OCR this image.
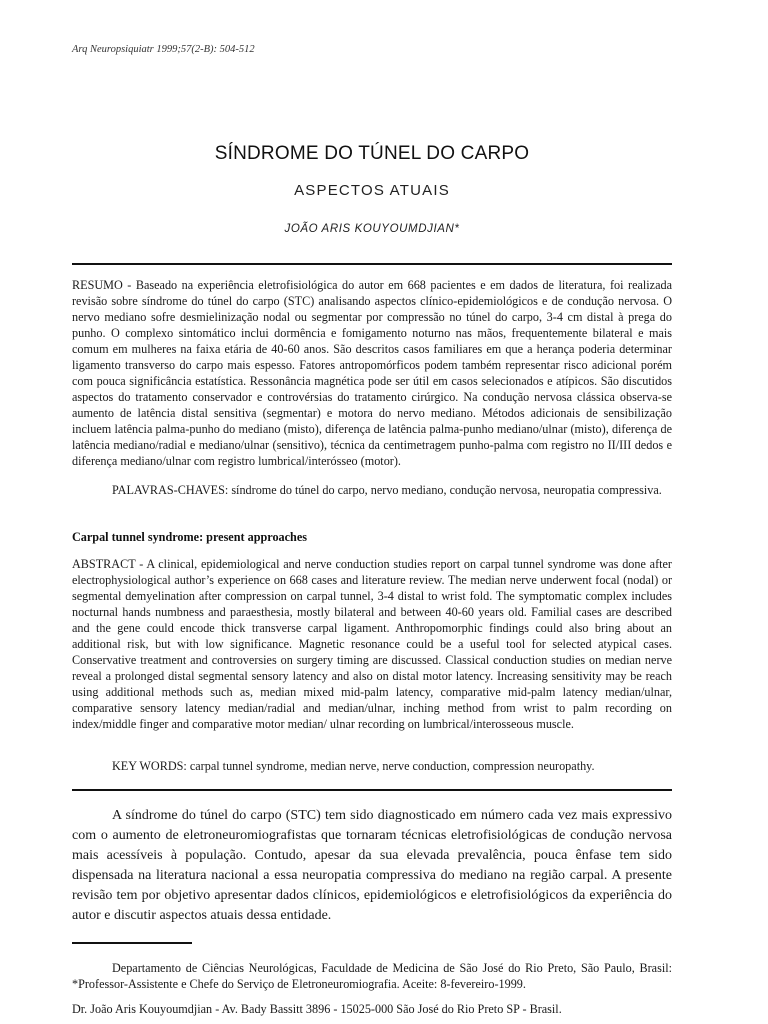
Arq Neuropsiquiatr 1999;57(2-B): 504-512
SÍNDROME DO TÚNEL DO CARPO
ASPECTOS ATUAIS
JOÃO ARIS KOUYOUMDJIAN*
RESUMO - Baseado na experiência eletrofisiológica do autor em 668 pacientes e em dados de literatura, foi realizada revisão sobre síndrome do túnel do carpo (STC) analisando aspectos clínico-epidemiológicos e de condução nervosa. O nervo mediano sofre desmielinização nodal ou segmentar por compressão no túnel do carpo, 3-4 cm distal à prega do punho. O complexo sintomático inclui dormência e fomigamento noturno nas mãos, frequentemente bilateral e mais comum em mulheres na faixa etária de 40-60 anos. São descritos casos familiares em que a herança poderia determinar ligamento transverso do carpo mais espesso. Fatores antropomórficos podem também representar risco adicional porém com pouca significância estatística. Ressonância magnética pode ser útil em casos selecionados e atípicos. São discutidos aspectos do tratamento conservador e controvérsias do tratamento cirúrgico. Na condução nervosa clássica observa-se aumento de latência distal sensitiva (segmentar) e motora do nervo mediano. Métodos adicionais de sensibilização incluem latência palma-punho do mediano (misto), diferença de latência palma-punho mediano/ulnar (misto), diferença de latência mediano/radial e mediano/ulnar (sensitivo), técnica da centimetragem punho-palma com registro no II/III dedos e diferença mediano/ulnar com registro lumbrical/interósseo (motor).
PALAVRAS-CHAVES: síndrome do túnel do carpo, nervo mediano, condução nervosa, neuropatia compressiva.
Carpal tunnel syndrome: present approaches
ABSTRACT - A clinical, epidemiological and nerve conduction studies report on carpal tunnel syndrome was done after electrophysiological author’s experience on 668 cases and literature review. The median nerve underwent focal (nodal) or segmental demyelination after compression on carpal tunnel, 3-4 distal to wrist fold. The symptomatic complex includes nocturnal hands numbness and paraesthesia, mostly bilateral and between 40-60 years old. Familial cases are described and the gene could encode thick transverse carpal ligament. Anthropomorphic findings could also bring about an additional risk, but with low significance. Magnetic resonance could be a useful tool for selected atypical cases. Conservative treatment and controversies on surgery timing are discussed. Classical conduction studies on median nerve reveal a prolonged distal segmental sensory latency and also on distal motor latency. Increasing sensitivity may be reach using additional methods such as, median mixed mid-palm latency, comparative mid-palm latency median/ulnar, comparative sensory latency median/radial and median/ulnar, inching method from wrist to palm recording on index/middle finger and comparative motor median/ ulnar recording on lumbrical/interosseous muscle.
KEY WORDS: carpal tunnel syndrome, median nerve, nerve conduction, compression neuropathy.
A síndrome do túnel do carpo (STC) tem sido diagnosticado em número cada vez mais expressivo com o aumento de eletroneuromiografistas que tornaram técnicas eletrofisiológicas de condução nervosa mais acessíveis à população. Contudo, apesar da sua elevada prevalência, pouca ênfase tem sido dispensada na literatura nacional a essa neuropatia compressiva do mediano na região carpal. A presente revisão tem por objetivo apresentar dados clínicos, epidemiológicos e eletrofisiológicos da experiência do autor e discutir aspectos atuais dessa entidade.
Departamento de Ciências Neurológicas, Faculdade de Medicina de São José do Rio Preto, São Paulo, Brasil: *Professor-Assistente e Chefe do Serviço de Eletroneuromiografia. Aceite: 8-fevereiro-1999.
Dr. João Aris Kouyoumdjian - Av. Bady Bassitt 3896 - 15025-000 São José do Rio Preto SP - Brasil.
